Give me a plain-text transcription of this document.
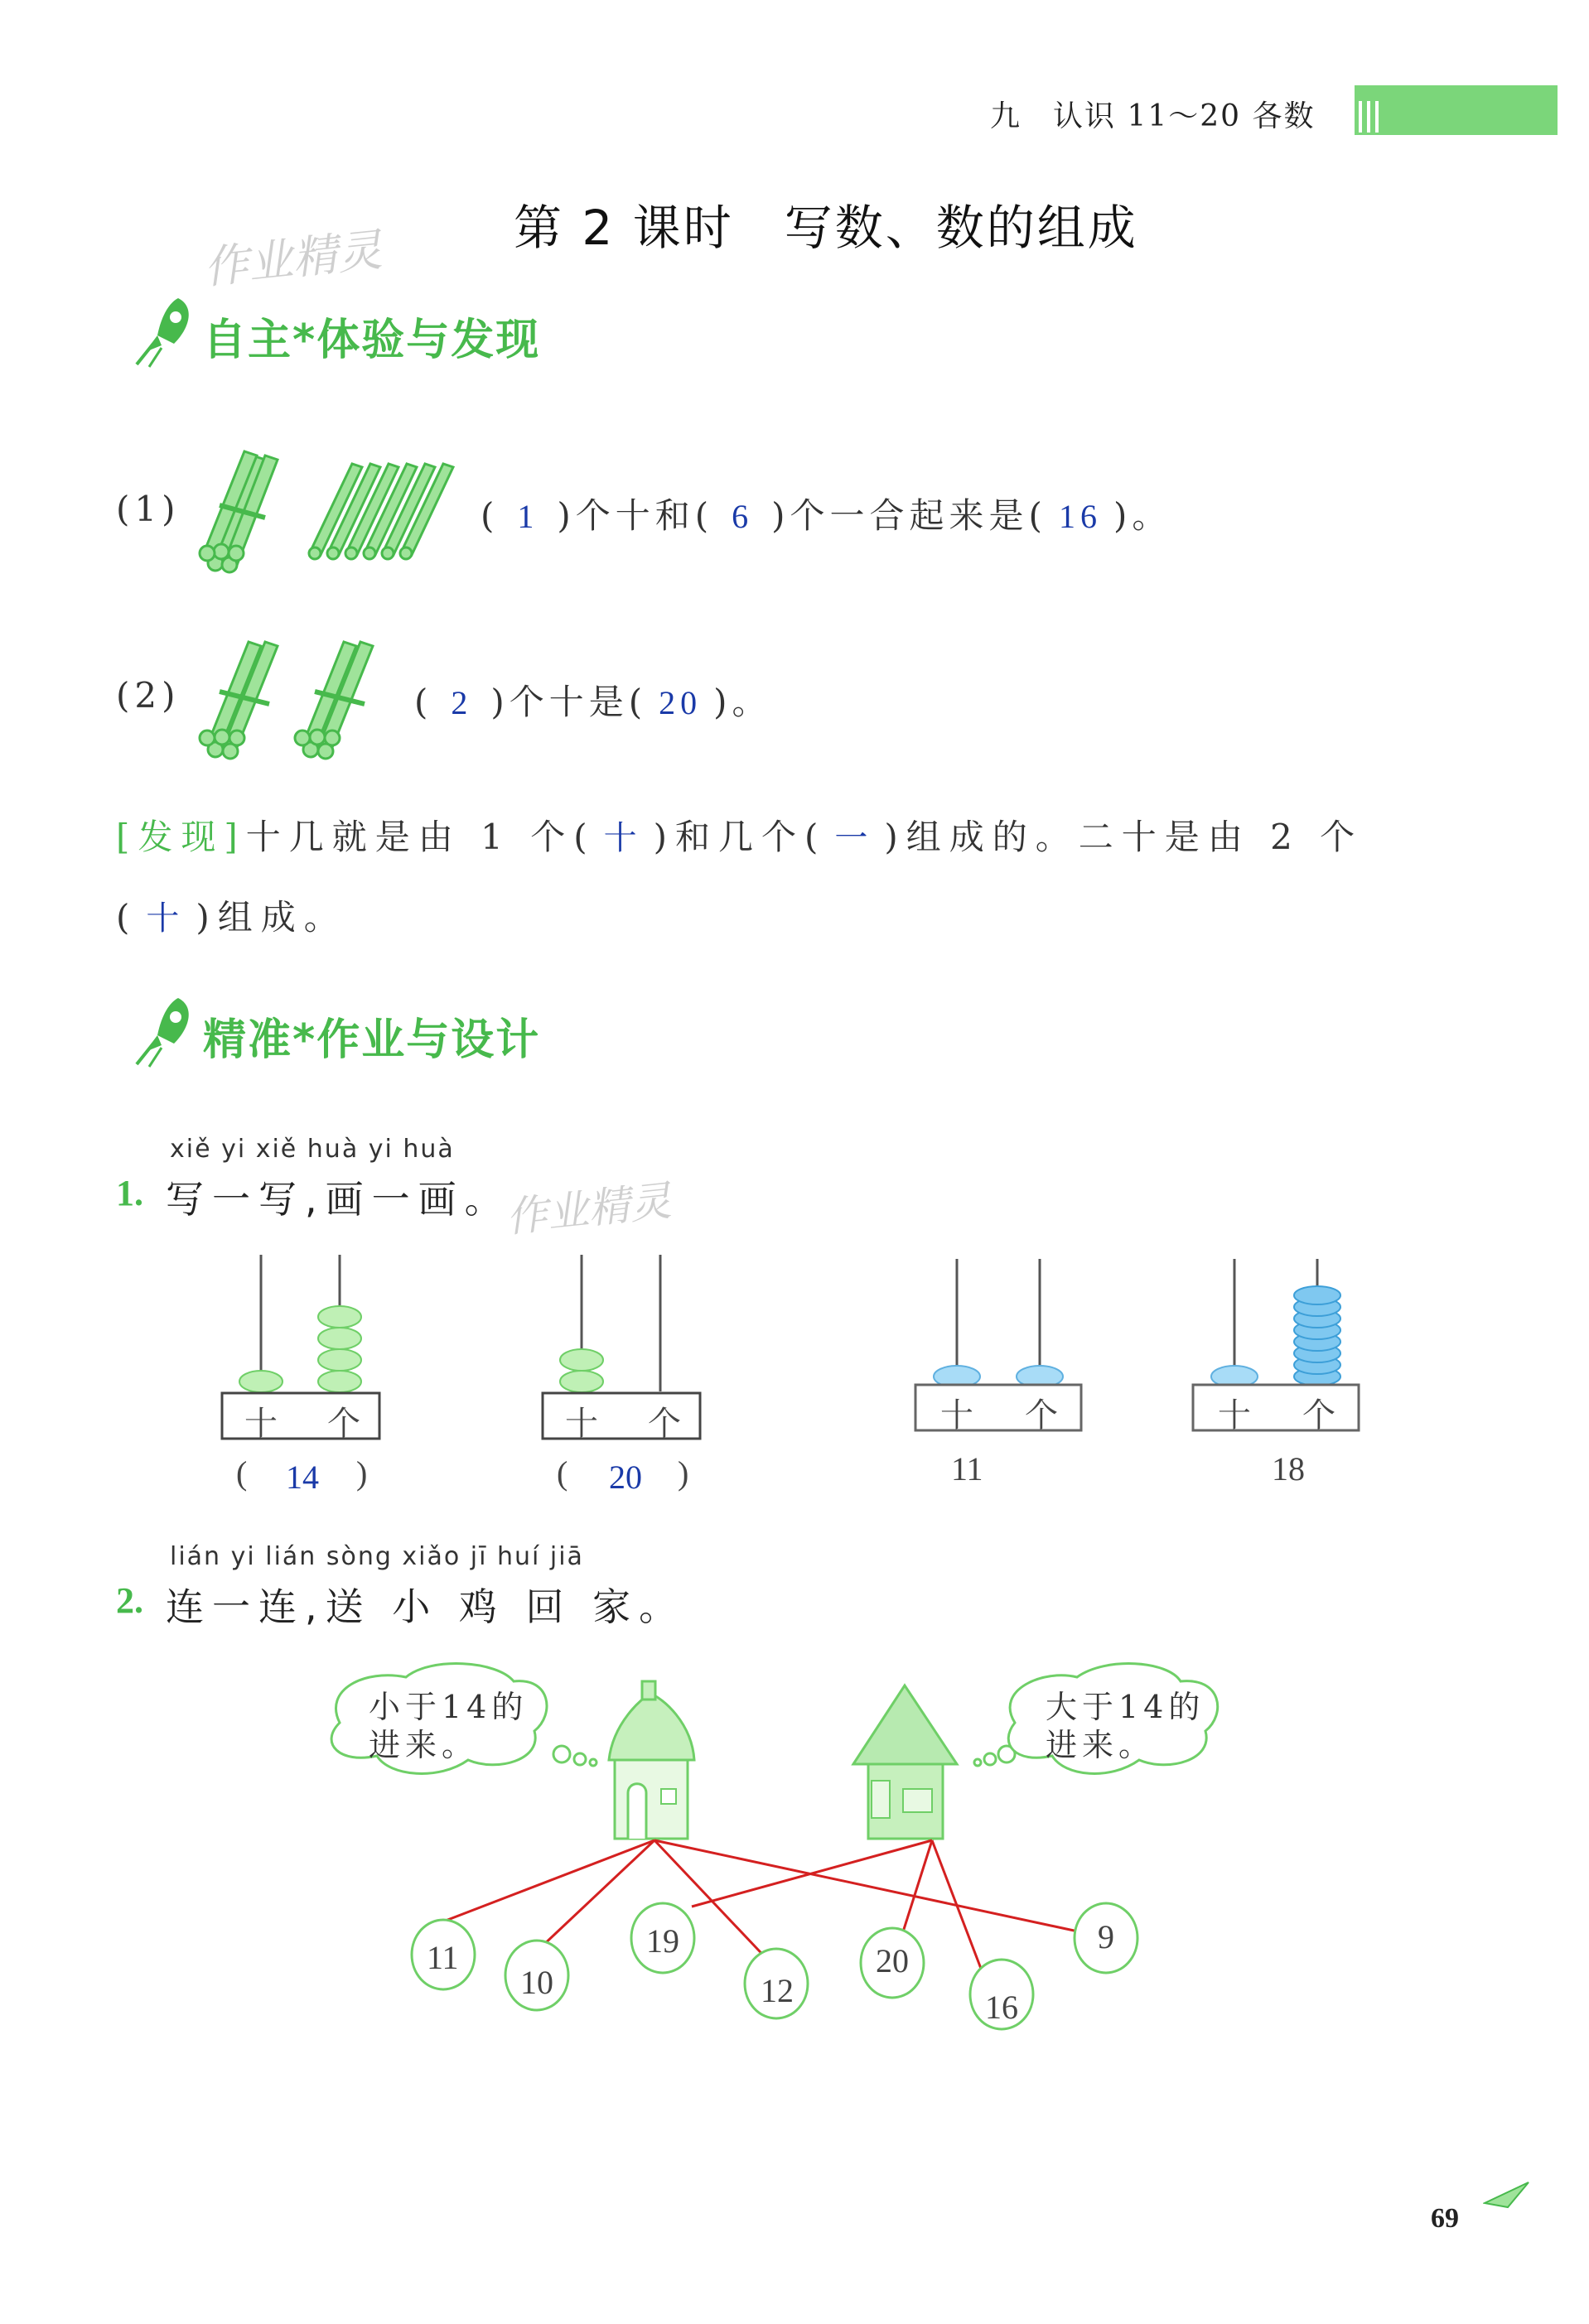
九　认识 11～20 各数
第 2 课时　写数、数的组成
作业精灵
自主*体验与发现
(1)	( 1 )个十和( 6 )个一合起来是( 16 )。
(2)	( 2 )个十是( 20 )。
[发现]十几就是由 1 个( 十 )和几个( 一 )组成的。二十是由 2 个
( 十 )组成。
精准*作业与设计
xiě yi xiě huà yi huà
1. 写一写,画一画。
作业精灵
十 个
( 14 )
十 个
( 20 )
十 个
11
十 个
18
lián yi lián sòng xiǎo jī huí jiā
2. 连一连,送 小 鸡 回 家。
小于14的
进来。
大于14的
进来。
11
10
19
12
20
16
9
69
